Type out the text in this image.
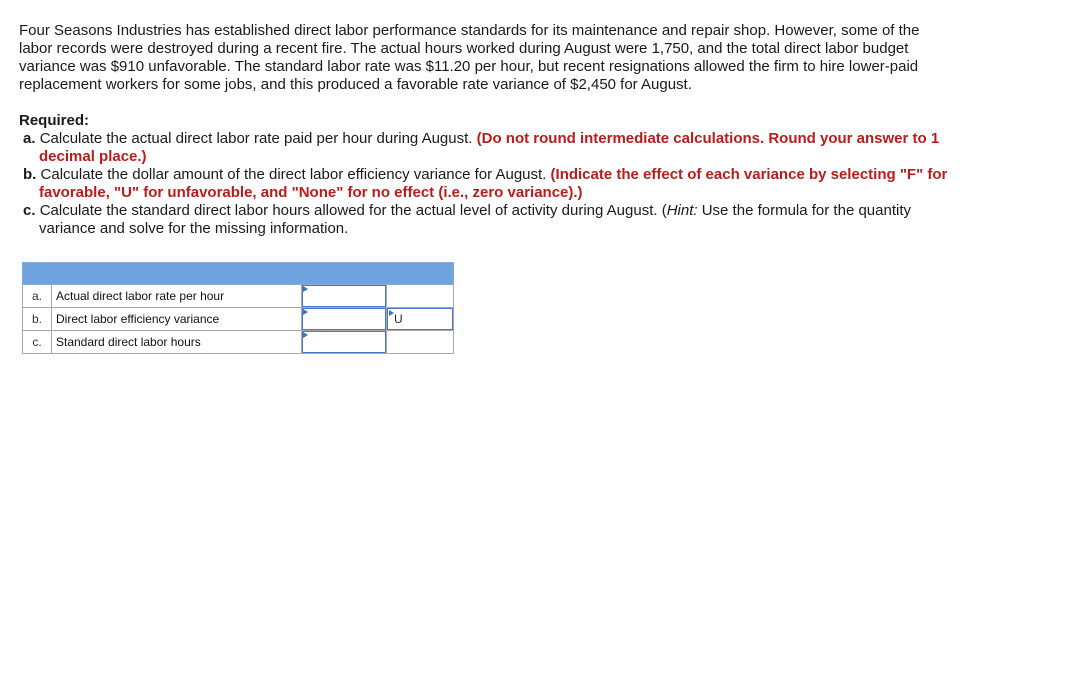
Four Seasons Industries has established direct labor performance standards for its maintenance and repair shop. However, some of the labor records were destroyed during a recent fire. The actual hours worked during August were 1,750, and the total direct labor budget variance was $910 unfavorable. The standard labor rate was $11.20 per hour, but recent resignations allowed the firm to hire lower-paid replacement workers for some jobs, and this produced a favorable rate variance of $2,450 for August.

Required:

a. Calculate the actual direct labor rate paid per hour during August. (Do not round intermediate calculations. Round your answer to 1 decimal place.)
b. Calculate the dollar amount of the direct labor efficiency variance for August. (Indicate the effect of each variance by selecting "F" for favorable, "U" for unfavorable, and "None" for no effect (i.e., zero variance).)
c. Calculate the standard direct labor hours allowed for the actual level of activity during August. (Hint: Use the formula for the quantity variance and solve for the missing information.

a.	Actual direct labor rate per hour	

b.	Direct labor efficiency variance		U

c.	Standard direct labor hours	
